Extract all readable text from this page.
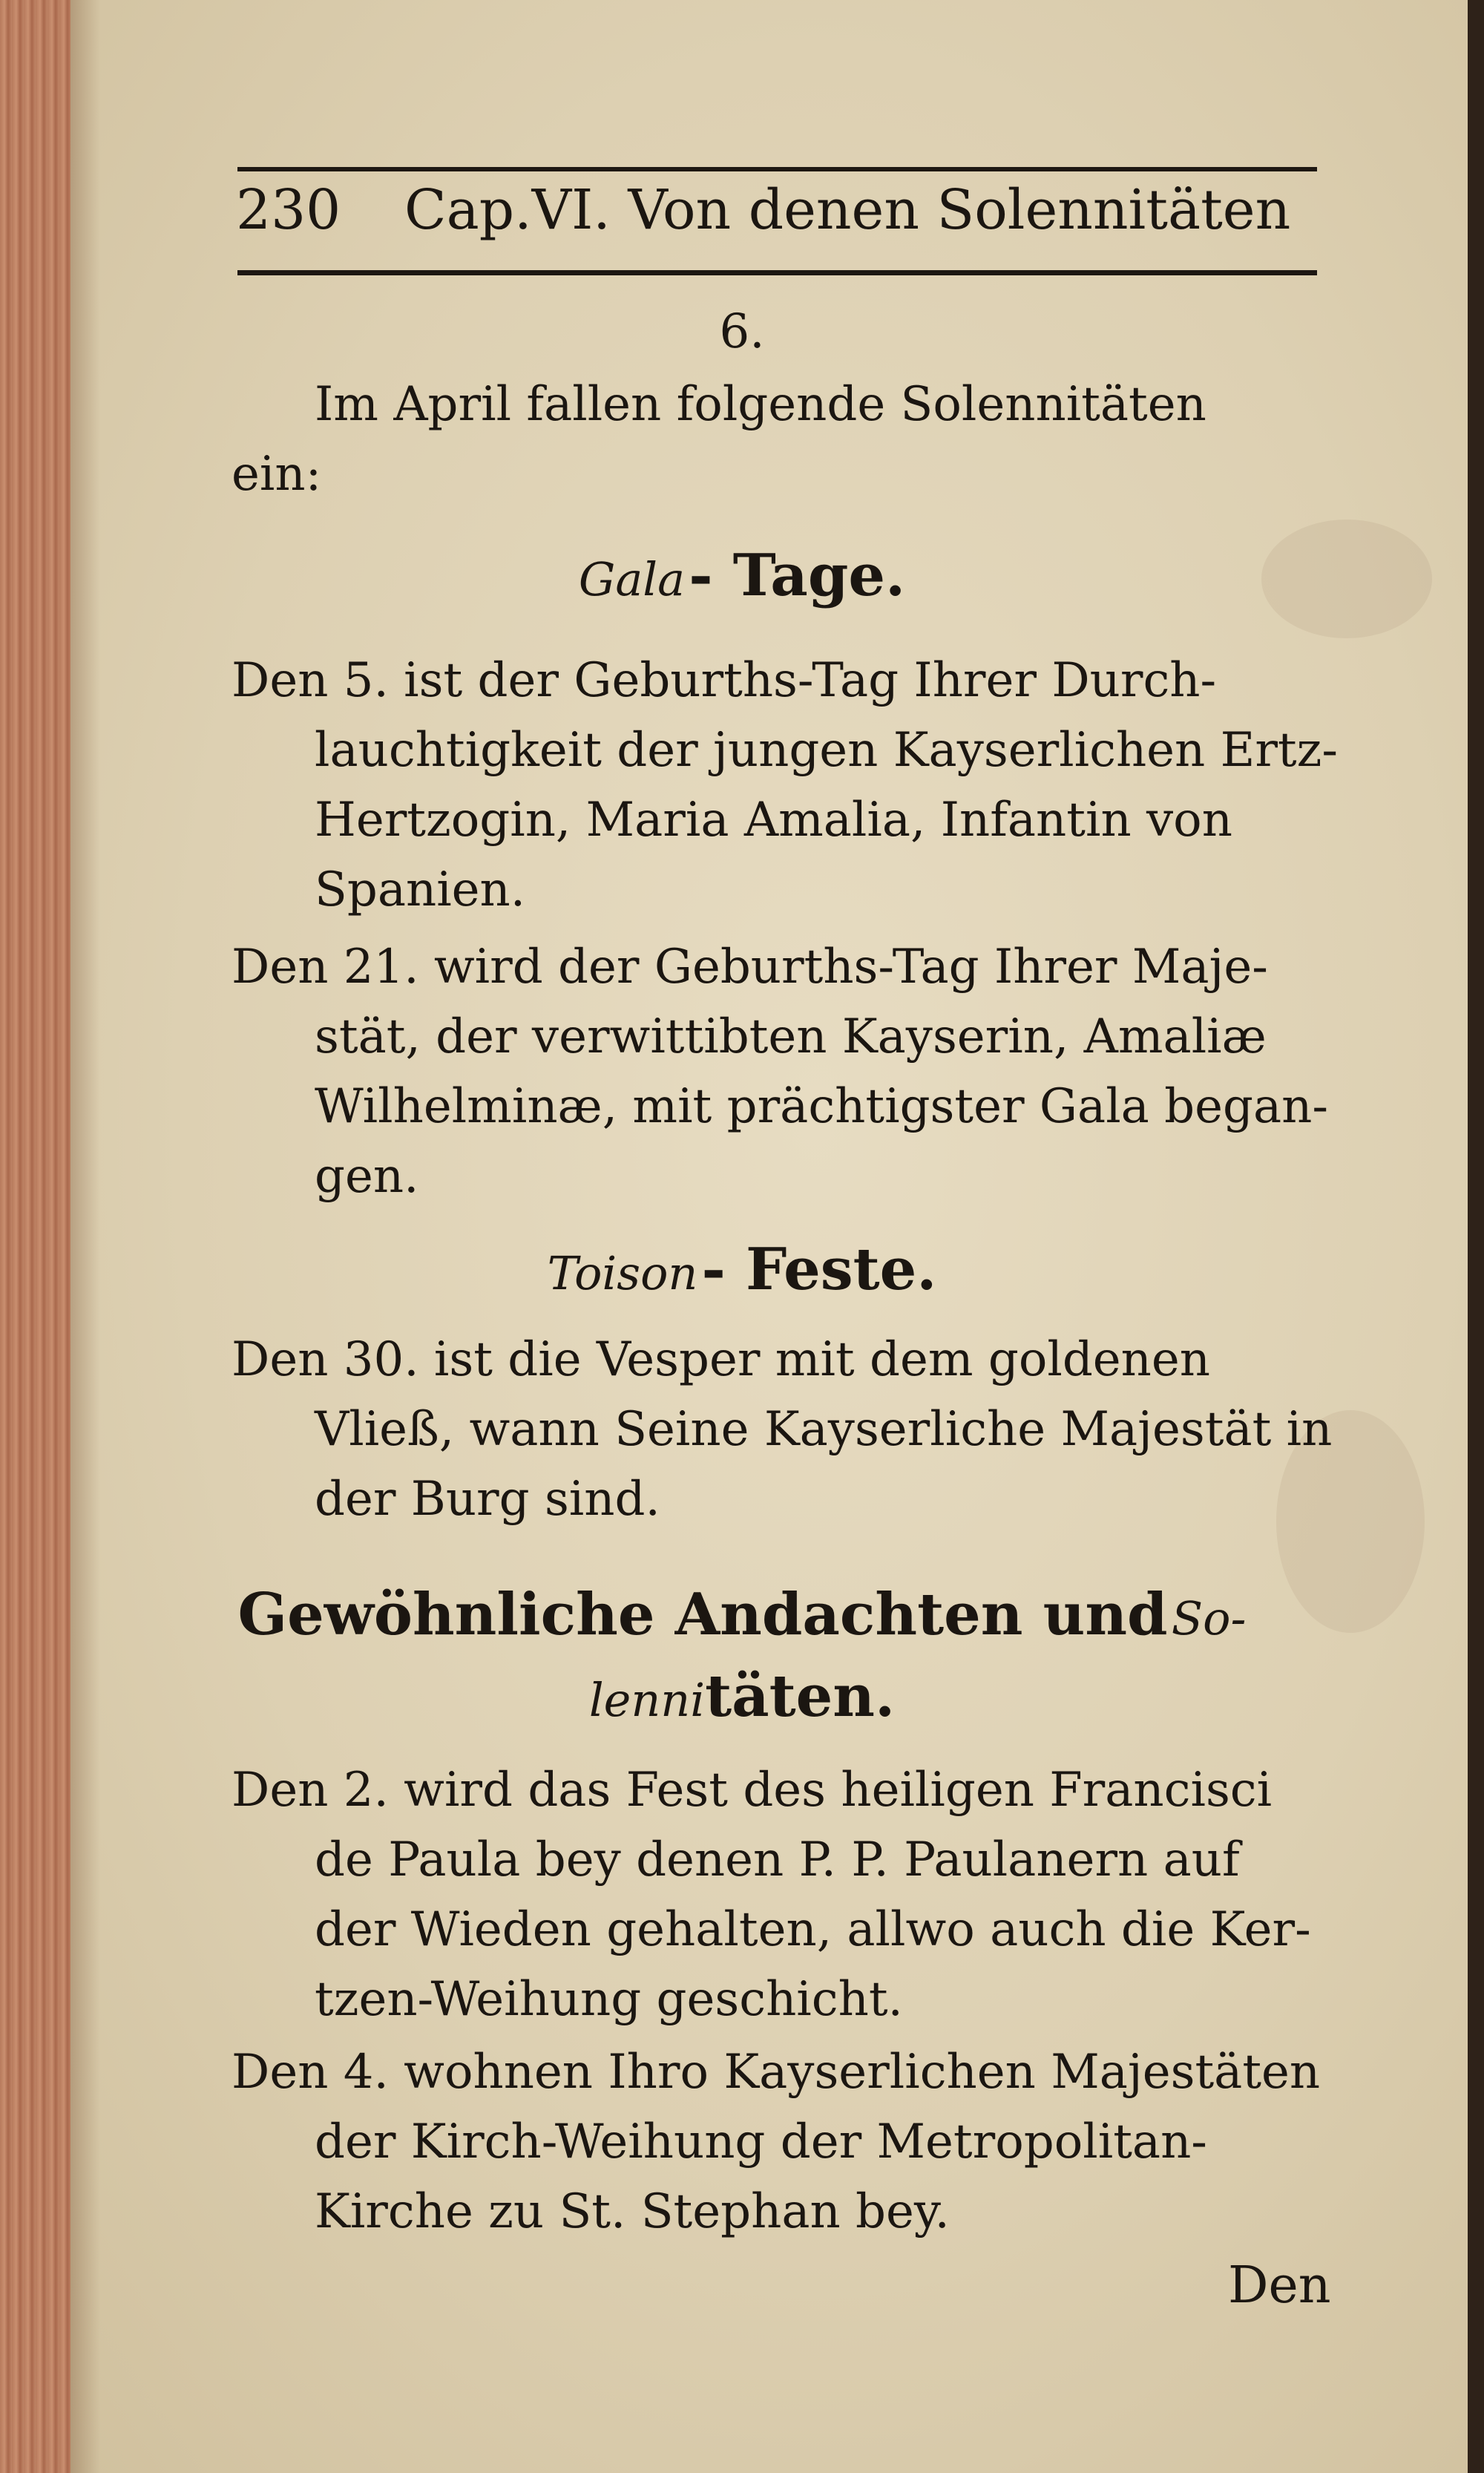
230 Cap.VI. Von denen Solennitäten
6.
Im April fallen folgende Solennitäten
ein:
Gala - Tage.
Den 5. ist der Geburths-Tag Ihrer Durch-
lauchtigkeit der jungen Kayserlichen Ertz-
Hertzogin, Maria Amalia, Infantin von
Spanien.
Den 21. wird der Geburths-Tag Ihrer Maje-
stät, der verwittibten Kayserin, Amaliæ
Wilhelminæ, mit prächtigster Gala began-
gen.
Toison - Feste.
Den 30. ist die Vesper mit dem goldenen
Vließ, wann Seine Kayserliche Majestät in
der Burg sind.
Gewöhnliche Andachten und So-
lennitäten.
Den 2. wird das Fest des heiligen Francisci
de Paula bey denen P. P. Paulanern auf
der Wieden gehalten, allwo auch die Ker-
tzen-Weihung geschicht.
Den 4. wohnen Ihro Kayserlichen Majestäten
der Kirch-Weihung der Metropolitan-
Kirche zu St. Stephan bey.
Den
